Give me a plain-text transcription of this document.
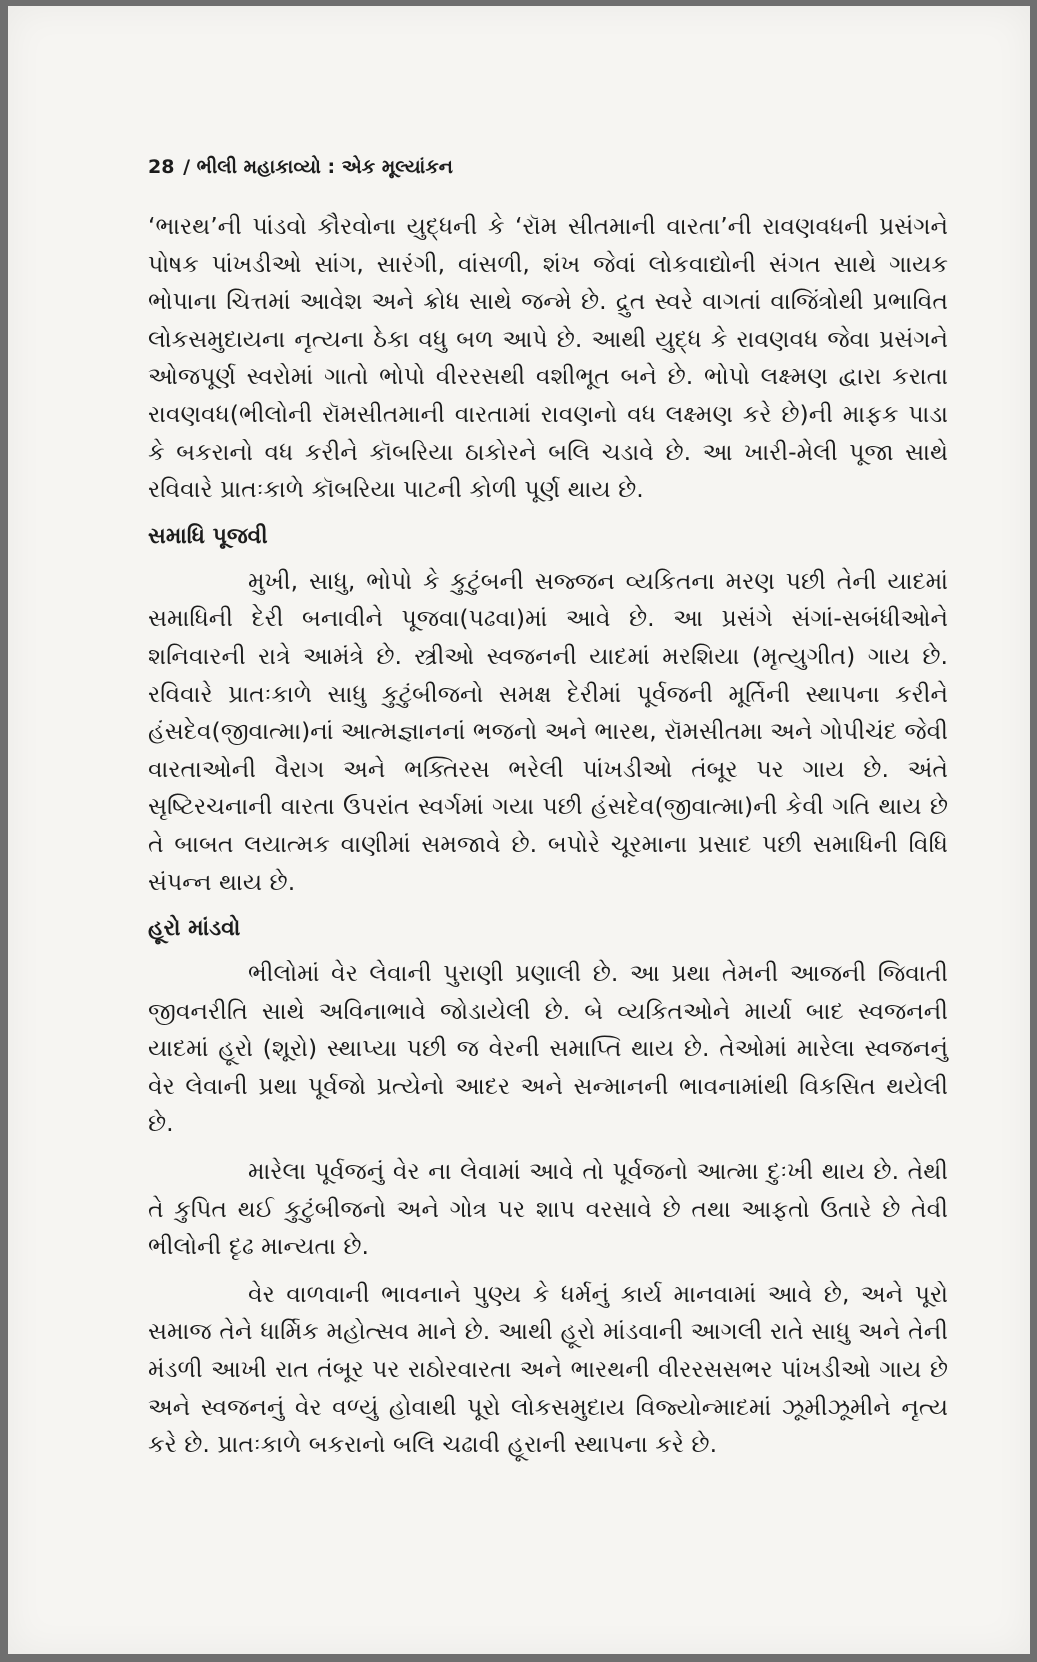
28 / ભીલી મહાકાવ્યો : એક મૂલ્યાંકન

‘ભારથ’ની પાંડવો કૌરવોના યુદ્ધની કે ‘રૉમ સીતમાની વારતા’ની રાવણવધની પ્રસંગને પોષક પાંખડીઓ સાંગ, સારંગી, વાંસળી, શંખ જેવાં લોકવાદ્યોની સંગત સાથે ગાયક ભોપાના ચિત્તમાં આવેશ અને ક્રોધ સાથે જન્મે છે. દ્રુત સ્વરે વાગતાં વાજિંત્રોથી પ્રભાવિત લોકસમુદાયના નૃત્યના ઠેકા વધુ બળ આપે છે. આથી યુદ્ધ કે રાવણવધ જેવા પ્રસંગને ઓજપૂર્ણ સ્વરોમાં ગાતો ભોપો વીરરસથી વશીભૂત બને છે. ભોપો લક્ષ્મણ દ્વારા કરાતા રાવણવધ(ભીલોની રૉમસીતમાની વારતામાં રાવણનો વધ લક્ષ્મણ કરે છે)ની માફક પાડા કે બકરાનો વધ કરીને કૉબરિયા ઠાકોરને બલિ ચડાવે છે. આ ખારી-મેલી પૂજા સાથે રવિવારે પ્રાતઃકાળે કૉબરિયા પાટની કોળી પૂર્ણ થાય છે.

સમાધિ પૂજવી

મુખી, સાધુ, ભોપો કે કુટુંબની સજ્જન વ્યકિતના મરણ પછી તેની યાદમાં સમાધિની દેરી બનાવીને પૂજવા(પઢવા)માં આવે છે. આ પ્રસંગે સંગાં-સબંધીઓને શનિવારની રાત્રે આમંત્રે છે. સ્ત્રીઓ સ્વજનની યાદમાં મરશિયા (મૃત્યુગીત) ગાય છે. રવિવારે પ્રાતઃકાળે સાધુ કુટુંબીજનો સમક્ષ દેરીમાં પૂર્વજની મૂર્તિની સ્થાપના કરીને હંસદેવ(જીવાત્મા)નાં આત્મજ્ઞાનનાં ભજનો અને ભારથ, રૉમસીતમા અને ગોપીચંદ જેવી વારતાઓની વૈરાગ અને ભક્તિરસ ભરેલી પાંખડીઓ તંબૂર પર ગાય છે. અંતે સૃષ્ટિરચનાની વારતા ઉપરાંત સ્વર્ગમાં ગયા પછી હંસદેવ(જીવાત્મા)ની કેવી ગતિ થાય છે તે બાબત લયાત્મક વાણીમાં સમજાવે છે. બપોરે ચૂરમાના પ્રસાદ પછી સમાધિની વિધિ સંપન્ન થાય છે.

હૂરો માંડવો

ભીલોમાં વેર લેવાની પુરાણી પ્રણાલી છે. આ પ્રથા તેમની આજની જિવાતી જીવનરીતિ સાથે અવિનાભાવે જોડાયેલી છે. બે વ્યકિતઓને માર્યા બાદ સ્વજનની યાદમાં હૂરો (શૂરો) સ્થાપ્યા પછી જ વેરની સમાપ્તિ થાય છે. તેઓમાં મારેલા સ્વજનનું વેર લેવાની પ્રથા પૂર્વજો પ્રત્યેનો આદર અને સન્માનની ભાવનામાંથી વિકસિત થયેલી છે.

મારેલા પૂર્વજનું વેર ના લેવામાં આવે તો પૂર્વજનો આત્મા દુઃખી થાય છે. તેથી તે કુપિત થઈ કુટુંબીજનો અને ગોત્ર પર શાપ વરસાવે છે તથા આફતો ઉતારે છે તેવી ભીલોની દૃઢ માન્યતા છે.

વેર વાળવાની ભાવનાને પુણ્ય કે ધર્મનું કાર્ય માનવામાં આવે છે, અને પૂરો સમાજ તેને ધાર્મિક મહોત્સવ માને છે. આથી હૂરો માંડવાની આગલી રાતે સાધુ અને તેની મંડળી આખી રાત તંબૂર પર રાઠોરવારતા અને ભારથની વીરરસસભર પાંખડીઓ ગાય છે અને સ્વજનનું વેર વળ્યું હોવાથી પૂરો લોકસમુદાય વિજ્યોન્માદમાં ઝૂમીઝૂમીને નૃત્ય કરે છે. પ્રાતઃકાળે બકરાનો બલિ ચઢાવી હૂરાની સ્થાપના કરે છે.
